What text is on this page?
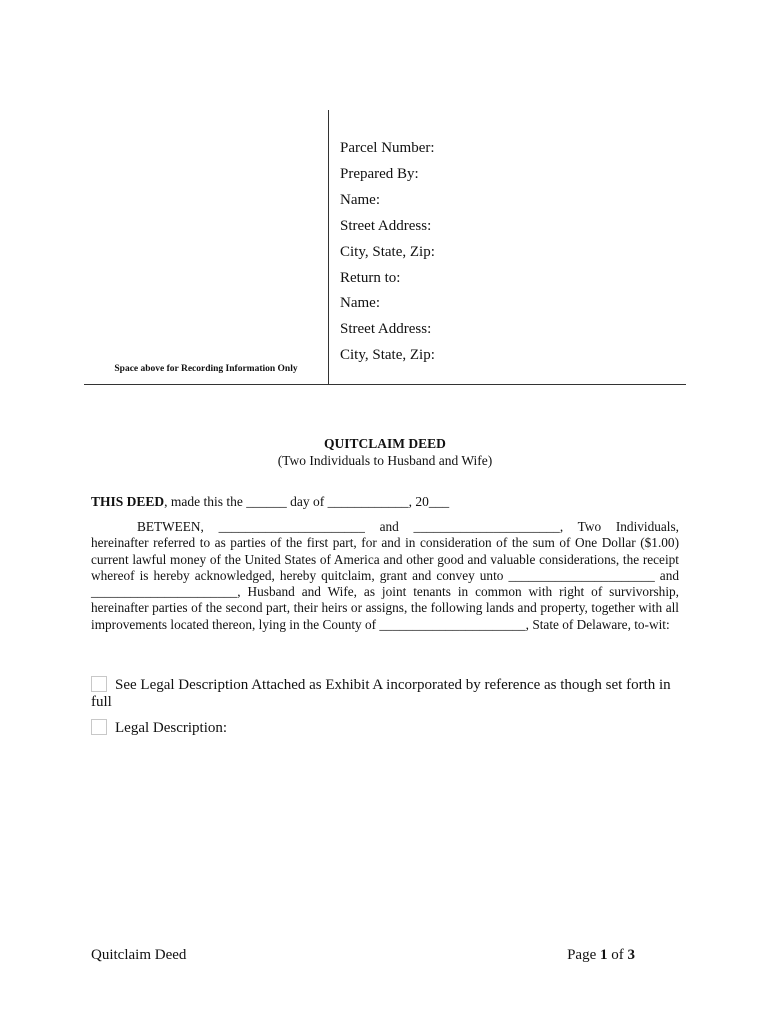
Parcel Number:
Prepared By:
Name:
Street Address:
City, State, Zip:
Return to:
Name:
Street Address:
City, State, Zip:
Space above for Recording Information Only
QUITCLAIM DEED
(Two Individuals to Husband and Wife)
THIS DEED, made this the ______ day of ____________, 20___
BETWEEN, ______________________ and ______________________, Two Individuals, hereinafter referred to as parties of the first part, for and in consideration of the sum of One Dollar ($1.00) current lawful money of the United States of America and other good and valuable considerations, the receipt whereof is hereby acknowledged, hereby quitclaim, grant and convey unto ______________________ and ______________________, Husband and Wife, as joint tenants in common with right of survivorship, hereinafter parties of the second part, their heirs or assigns, the following lands and property, together with all improvements located thereon, lying in the County of ______________________, State of Delaware, to-wit:
See Legal Description Attached as Exhibit A incorporated by reference as though set forth in full
Legal Description:
Quitclaim Deed	Page 1 of 3
